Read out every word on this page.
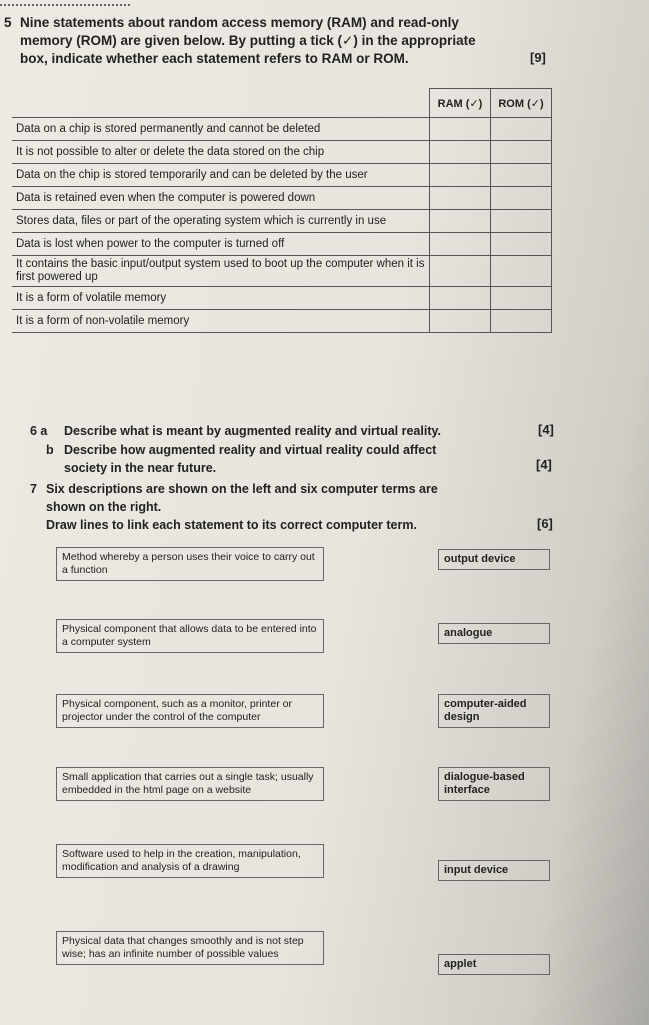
5 Nine statements about random access memory (RAM) and read-only
memory (ROM) are given below. By putting a tick (✓) in the appropriate
box, indicate whether each statement refers to RAM or ROM.	[9]
	RAM (✓)	ROM (✓)
Data on a chip is stored permanently and cannot be deleted		
It is not possible to alter or delete the data stored on the chip		
Data on the chip is stored temporarily and can be deleted by the user		
Data is retained even when the computer is powered down		
Stores data, files or part of the operating system which is currently in use		
Data is lost when power to the computer is turned off		
It contains the basic input/output system used to boot up the computer when it is first powered up		
It is a form of volatile memory		
It is a form of non-volatile memory		
6 a Describe what is meant by augmented reality and virtual reality.	[4]
b Describe how augmented reality and virtual reality could affect
society in the near future.	[4]
7 Six descriptions are shown on the left and six computer terms are
shown on the right.
Draw lines to link each statement to its correct computer term.	[6]
Method whereby a person uses their voice to carry out a function
Physical component that allows data to be entered into a computer system
Physical component, such as a monitor, printer or projector under the control of the computer
Small application that carries out a single task; usually embedded in the html page on a website
Software used to help in the creation, manipulation, modification and analysis of a drawing
Physical data that changes smoothly and is not step wise; has an infinite number of possible values
output device
analogue
computer-aided design
dialogue-based interface
input device
applet
